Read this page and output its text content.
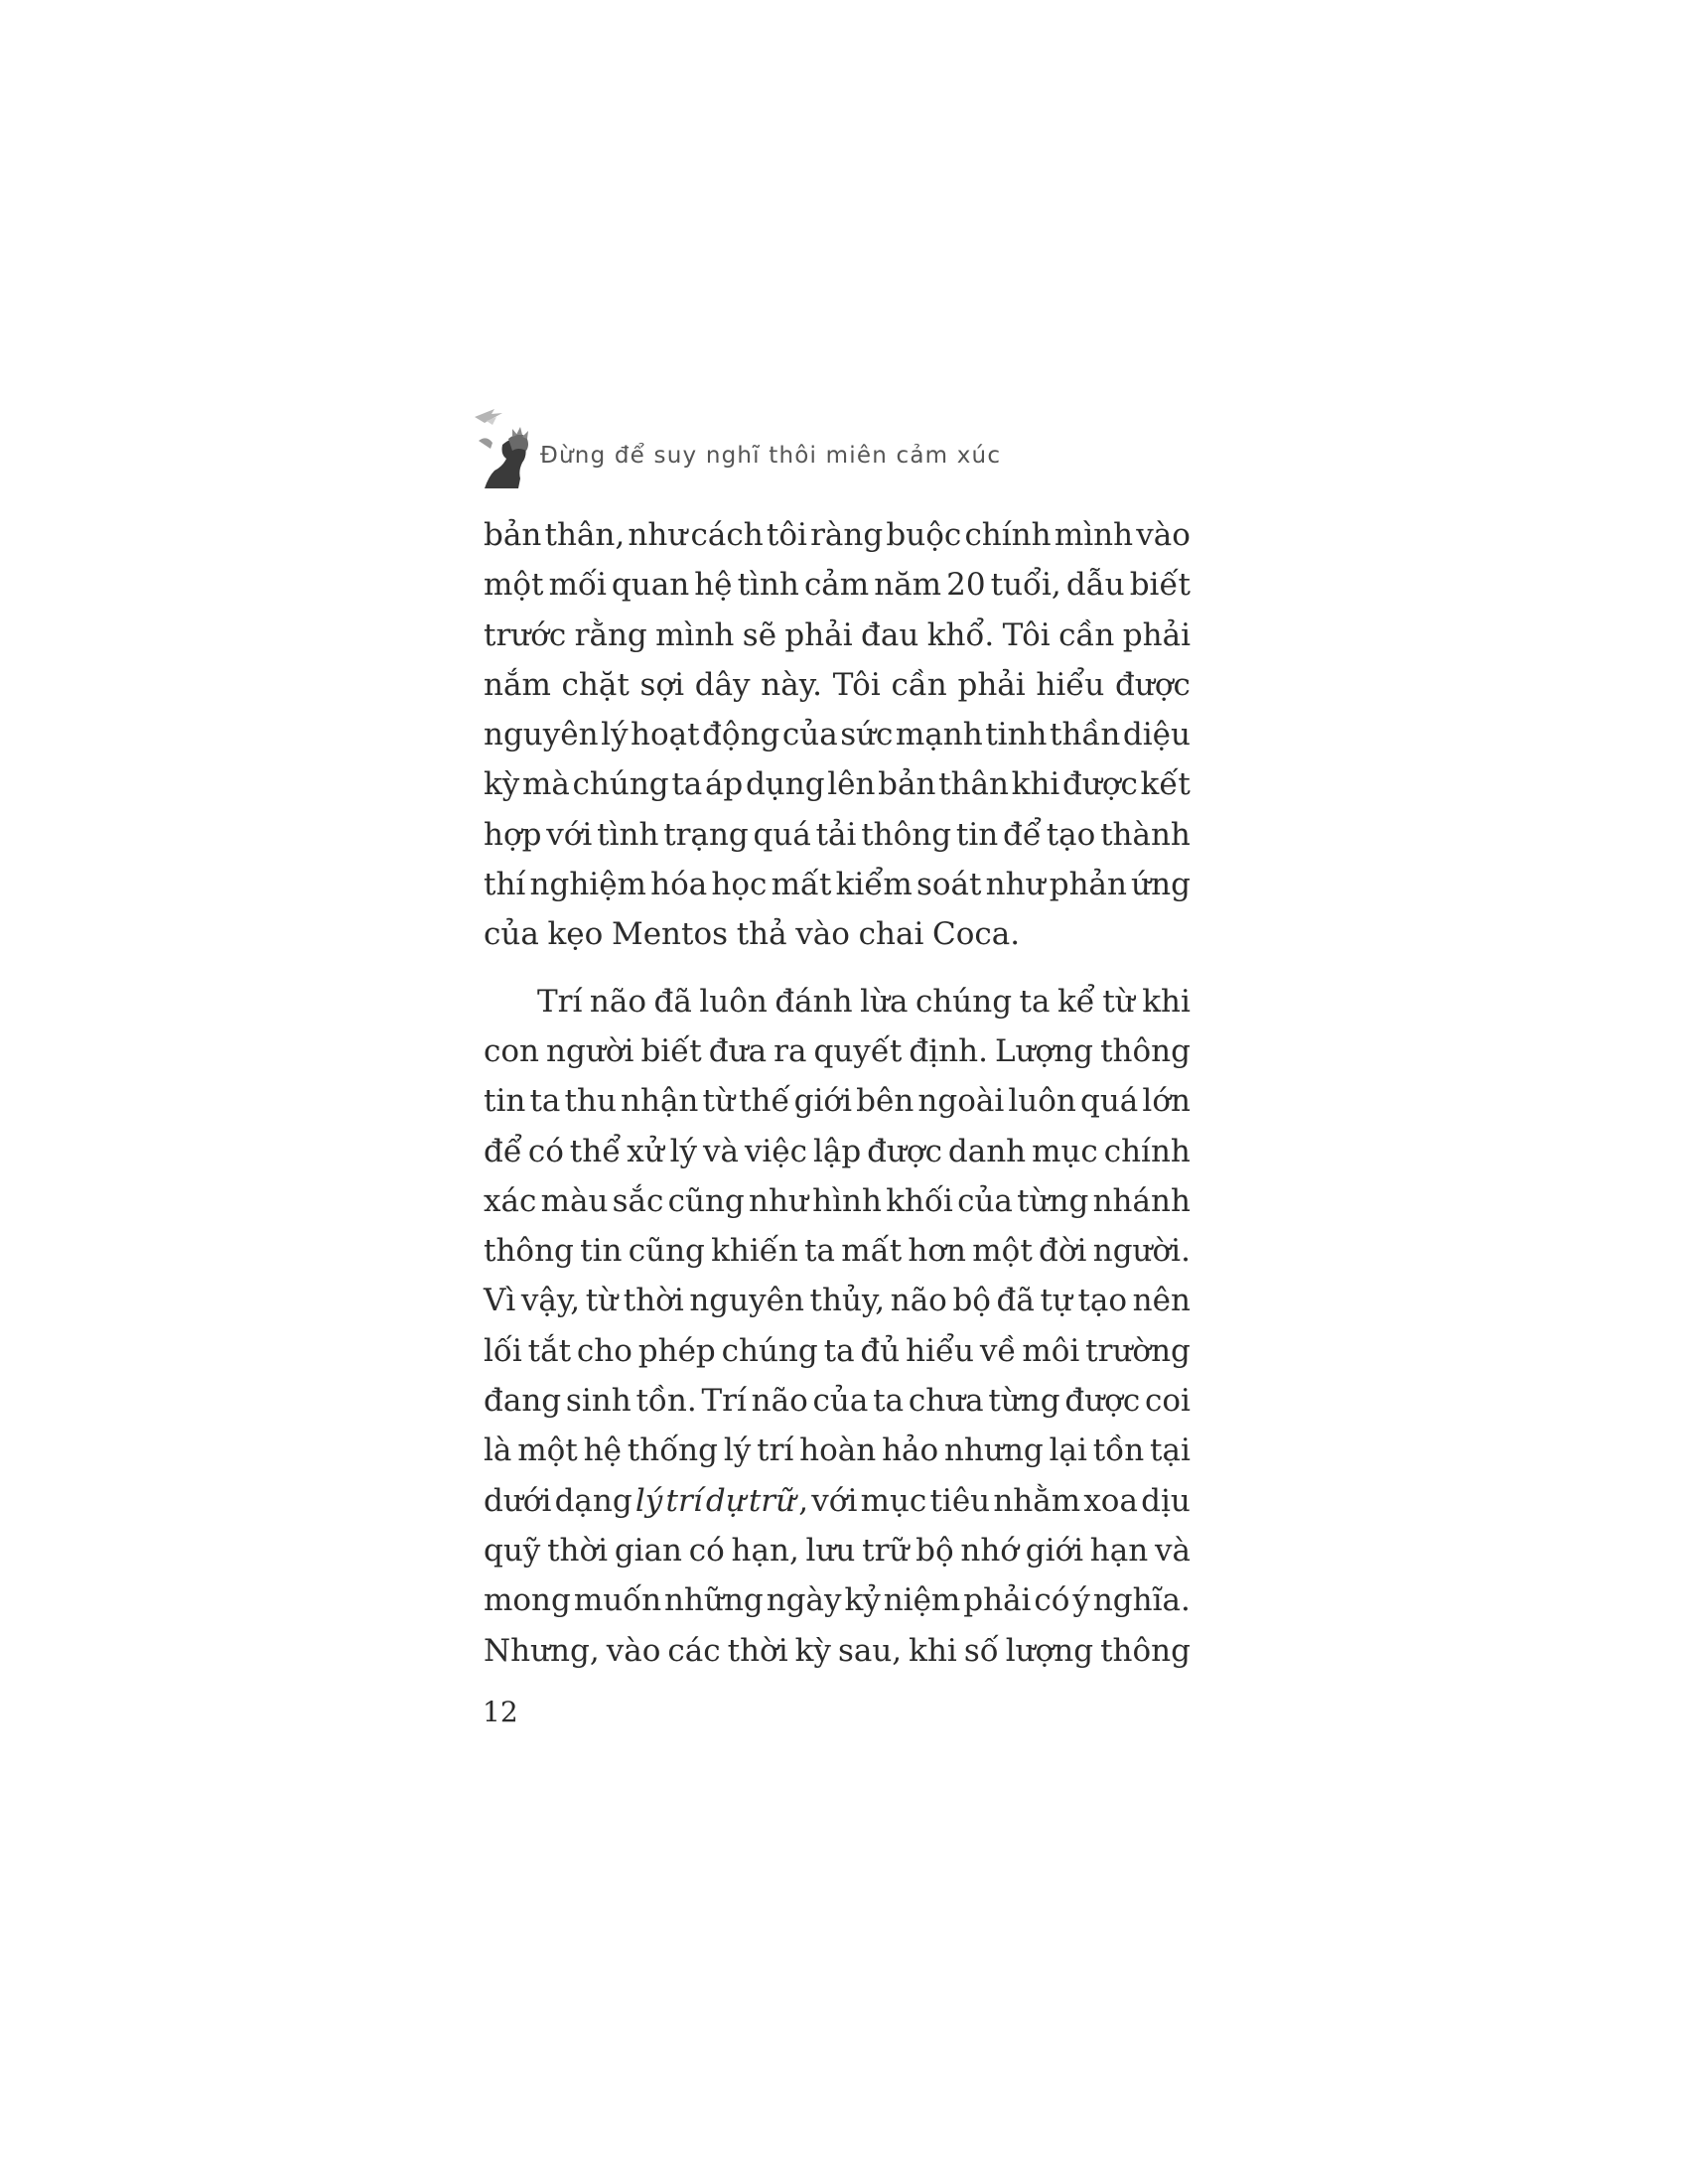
Đừng để suy nghĩ thôi miên cảm xúc
bản thân, như cách tôi ràng buộc chính mình vào
một mối quan hệ tình cảm năm 20 tuổi, dẫu biết
trước rằng mình sẽ phải đau khổ. Tôi cần phải
nắm chặt sợi dây này. Tôi cần phải hiểu được
nguyên lý hoạt động của sức mạnh tinh thần diệu
kỳ mà chúng ta áp dụng lên bản thân khi được kết
hợp với tình trạng quá tải thông tin để tạo thành
thí nghiệm hóa học mất kiểm soát như phản ứng
của kẹo Mentos thả vào chai Coca.
Trí não đã luôn đánh lừa chúng ta kể từ khi
con người biết đưa ra quyết định. Lượng thông
tin ta thu nhận từ thế giới bên ngoài luôn quá lớn
để có thể xử lý và việc lập được danh mục chính
xác màu sắc cũng như hình khối của từng nhánh
thông tin cũng khiến ta mất hơn một đời người.
Vì vậy, từ thời nguyên thủy, não bộ đã tự tạo nên
lối tắt cho phép chúng ta đủ hiểu về môi trường
đang sinh tồn. Trí não của ta chưa từng được coi
là một hệ thống lý trí hoàn hảo nhưng lại tồn tại
dưới dạng lý trí dự trữ , với mục tiêu nhằm xoa dịu
quỹ thời gian có hạn, lưu trữ bộ nhớ giới hạn và
mong muốn những ngày kỷ niệm phải có ý nghĩa.
Nhưng, vào các thời kỳ sau, khi số lượng thông
12
